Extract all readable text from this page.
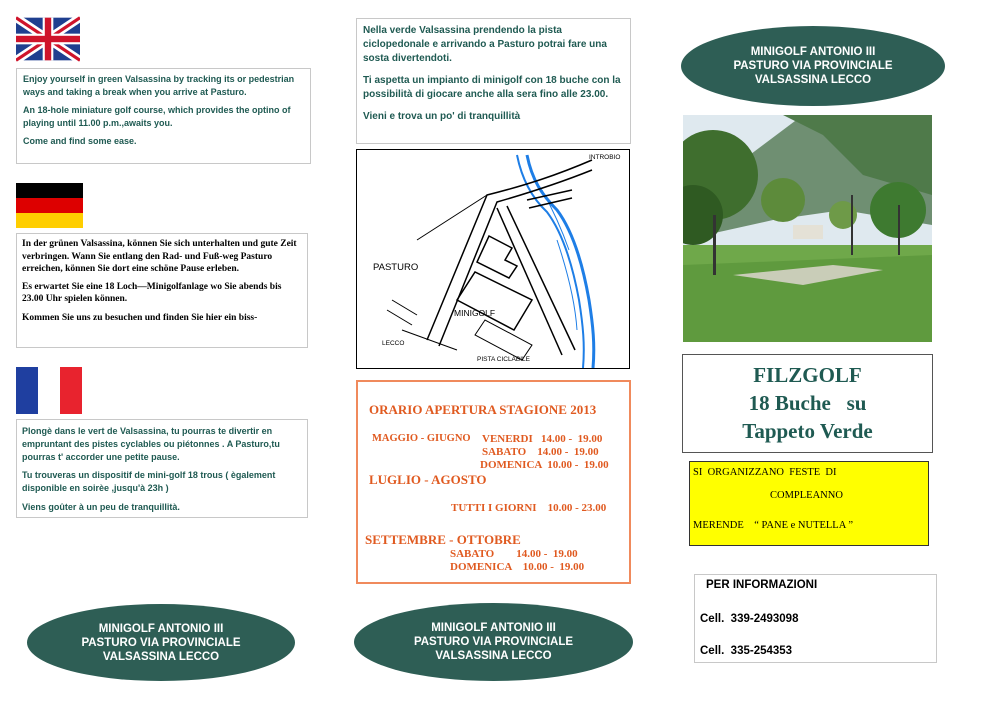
Enjoy yourself in green Valsassina by tracking its or pedestrian ways and taking a break when you arrive at Pasturo.
An 18-hole miniature golf course, which provides the optino of playing until 11.00 p.m.,awaits you.
Come and find some ease.
In der grünen Valsassina, können Sie sich unterhalten und gute Zeit verbringen. Wann Sie entlang den Rad- und Fuß-weg Pasturo erreichen, können Sie dort eine schöne Pause erleben.
Es erwartet Sie eine 18 Loch—Minigolfanlage wo Sie abends bis 23.00 Uhr spielen können.
Kommen Sie uns zu besuchen und finden Sie hier ein biss-
Plongè dans le vert de Valsassina, tu pourras te divertir en empruntant des pistes cyclables ou piétonnes . A Pasturo,tu pourras t' accorder une petite pause.
Tu trouveras un dispositif de mini-golf 18 trous ( ègalement disponible en soirèe ,jusqu'à 23h )
Viens goûter à un peu de tranquillità.
MINIGOLF ANTONIO III
PASTURO VIA PROVINCIALE
VALSASSINA LECCO
Nella verde Valsassina prendendo la pista ciclopedonale e arrivando a Pasturo potrai fare una sosta divertendoti.
Ti aspetta un impianto di minigolf con 18 buche con la possibilità di giocare anche alla sera fino alle 23.00.
Vieni e trova un po' di tranquillità
INTROBIO
PASTURO
MINIGOLF
LECCO
PISTA CICLABILE
ORARIO APERTURA STAGIONE 2013
MAGGIO - GIUGNO VENERDI   14.00 -  19.00
SABATO    14.00 -  19.00
DOMENICA  10.00 -  19.00
LUGLIO - AGOSTO
TUTTI I GIORNI    10.00 - 23.00
SETTEMBRE - OTTOBRE
SABATO        14.00 -  19.00
DOMENICA    10.00 -  19.00
MINIGOLF ANTONIO III
PASTURO VIA PROVINCIALE
VALSASSINA LECCO
MINIGOLF ANTONIO III
PASTURO VIA PROVINCIALE
VALSASSINA LECCO
FILZGOLF
18 Buche   su
Tappeto Verde
SI  ORGANIZZANO  FESTE  DI
COMPLEANNO
MERENDE    “ PANE e NUTELLA ”
PER INFORMAZIONI
Cell.  339-2493098
Cell.  335-254353
